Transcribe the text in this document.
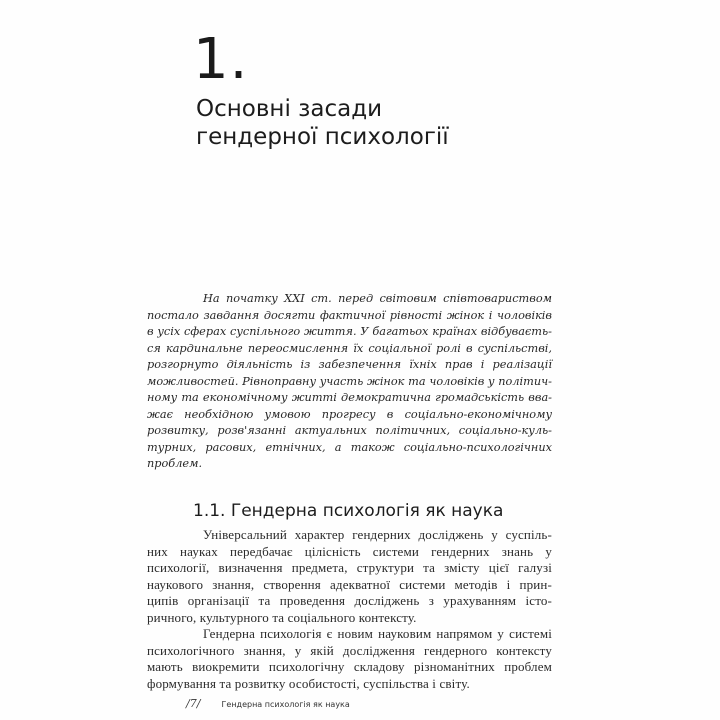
1.
Основні засади
гендерної психології

На початку XXI ст. перед світовим співтовариством
постало завдання досягти фактичної рівності жінок і чоловіків
в усіх сферах суспільного життя. У багатьох країнах відбуваєть-
ся кардинальне переосмислення їх соціальної ролі в суспільстві,
розгорнуто діяльність із забезпечення їхніх прав і реалізації
можливостей. Рівноправну участь жінок та чоловіків у політич-
ному та економічному житті демократична громадськість вва-
жає необхідною умовою прогресу в соціально-економічному
розвитку, розв'язанні актуальних політичних, соціально-куль-
турних, расових, етнічних, а також соціально-психологічних
проблем.

1.1. Гендерна психологія як наука

Універсальний характер гендерних досліджень у суспіль-
них науках передбачає цілісність системи гендерних знань у
психології, визначення предмета, структури та змісту цієї галузі
наукового знання, створення адекватної системи методів і прин-
ципів організації та проведення досліджень з урахуванням істо-
ричного, культурного та соціального контексту.

Гендерна психологія є новим науковим напрямом у системі
психологічного знання, у якій дослідження гендерного контексту
мають виокремити психологічну складову різноманітних проблем
формування та розвитку особистості, суспільства і світу.

/7/	Гендерна психологія як наука
